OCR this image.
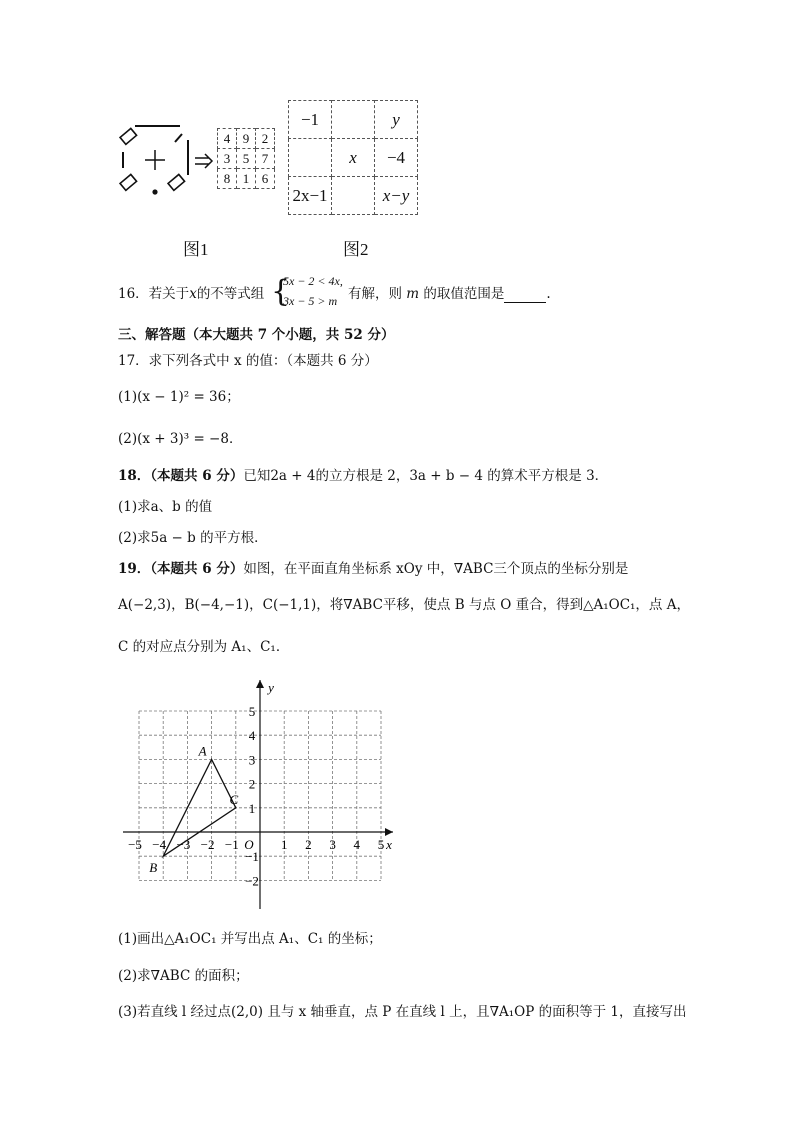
4	9	2
3	5	7
8	1	6
−1		y
	x	−4
2x−1		x−y
图1	图2
16．若关于x的不等式组 {
5x − 2 < 4x,
3x − 5 > m 有解，则 m 的取值范围是	.
三、解答题（本大题共 7 个小题，共 52 分）
17．求下列各式中 x 的值：（本题共 6 分）
(1)(x − 1)² = 36；
(2)(x + 3)³ = −8．
18．（本题共 6 分）已知2a + 4的立方根是 2，3a + b − 4 的算术平方根是 3．
(1)求a、b 的值
(2)求5a − b 的平方根．
19．（本题共 6 分）如图，在平面直角坐标系 xOy 中，∇ABC三个顶点的坐标分别是
A(−2,3)，B(−4,−1)，C(−1,1)，将∇ABC平移，使点 B 与点 O 重合，得到△A₁OC₁，点 A，
C 的对应点分别为 A₁、C₁．
x
y
O
−5 −4 −3 −2 −1	1 2 3 4 5
5
4
3
2
1
−1
−2
A
B
C
(1)画出△A₁OC₁ 并写出点 A₁、C₁ 的坐标；
(2)求∇ABC 的面积；
(3)若直线 l 经过点(2,0) 且与 x 轴垂直，点 P 在直线 l 上，且∇A₁OP 的面积等于 1，直接写出
